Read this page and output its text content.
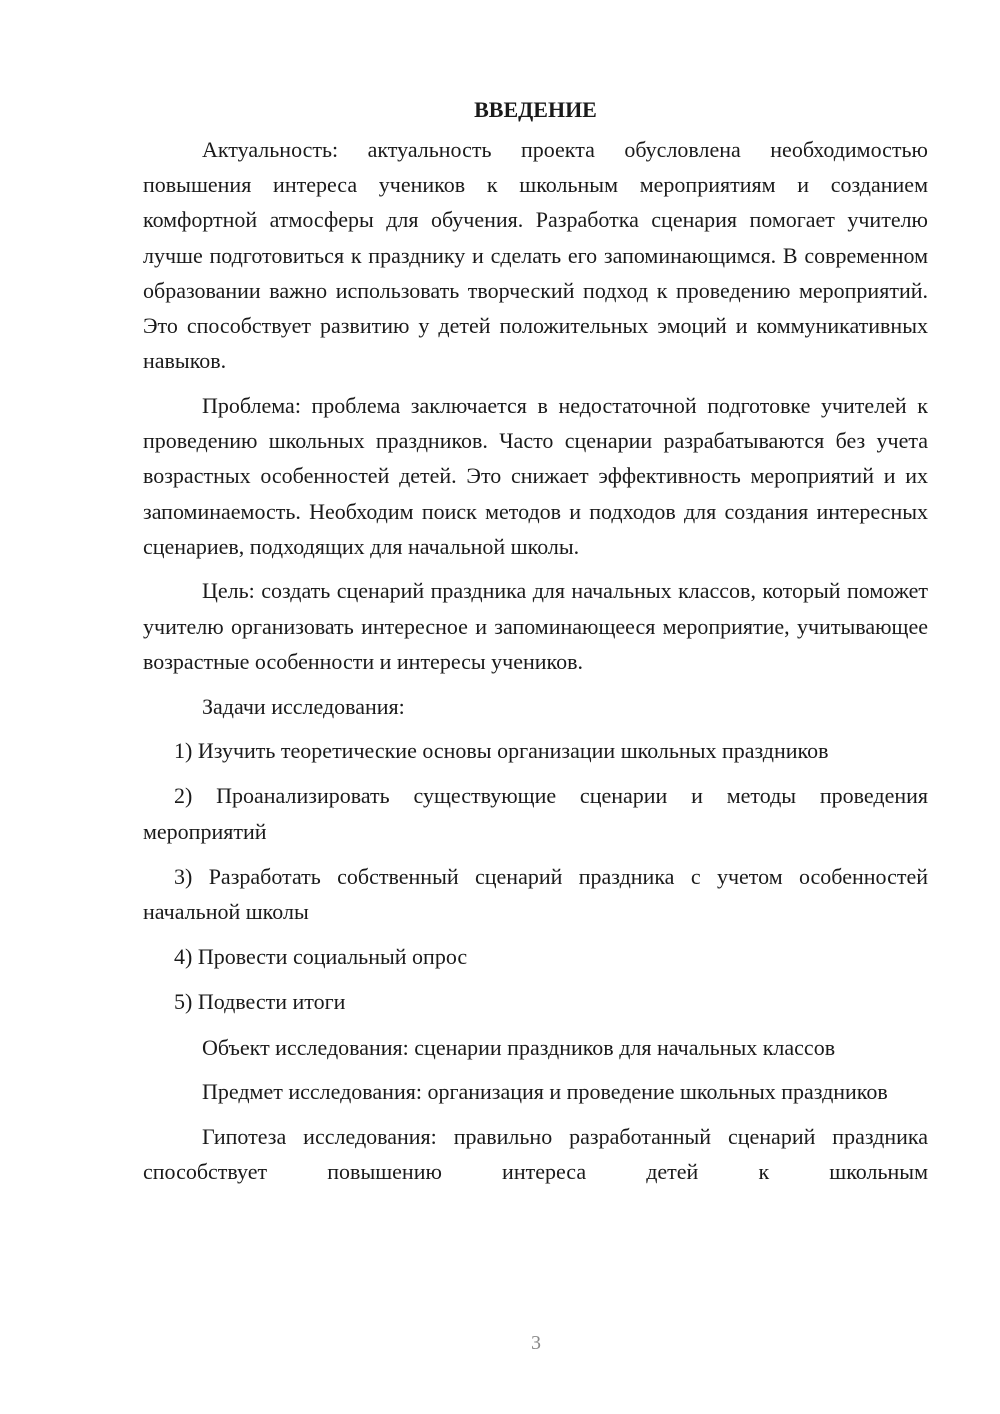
ВВЕДЕНИЕ

Актуальность: актуальность проекта обусловлена необходимостью повышения интереса учеников к школьным мероприятиям и созданием комфортной атмосферы для обучения. Разработка сценария помогает учителю лучше подготовиться к празднику и сделать его запоминающимся. В современном образовании важно использовать творческий подход к проведению мероприятий. Это способствует развитию у детей положительных эмоций и коммуникативных навыков.

Проблема: проблема заключается в недостаточной подготовке учителей к проведению школьных праздников. Часто сценарии разрабатываются без учета возрастных особенностей детей. Это снижает эффективность мероприятий и их запоминаемость. Необходим поиск методов и подходов для создания интересных сценариев, подходящих для начальной школы.

Цель: создать сценарий праздника для начальных классов, который поможет учителю организовать интересное и запоминающееся мероприятие, учитывающее возрастные особенности и интересы учеников.

Задачи исследования:

1) Изучить теоретические основы организации школьных праздников

2) Проанализировать существующие сценарии и методы проведения мероприятий

3) Разработать собственный сценарий праздника с учетом особенностей начальной школы

4) Провести социальный опрос

5) Подвести итоги

Объект исследования: сценарии праздников для начальных классов

Предмет исследования: организация и проведение школьных праздников

Гипотеза исследования: правильно разработанный сценарий праздника способствует повышению интереса детей к школьным

3
